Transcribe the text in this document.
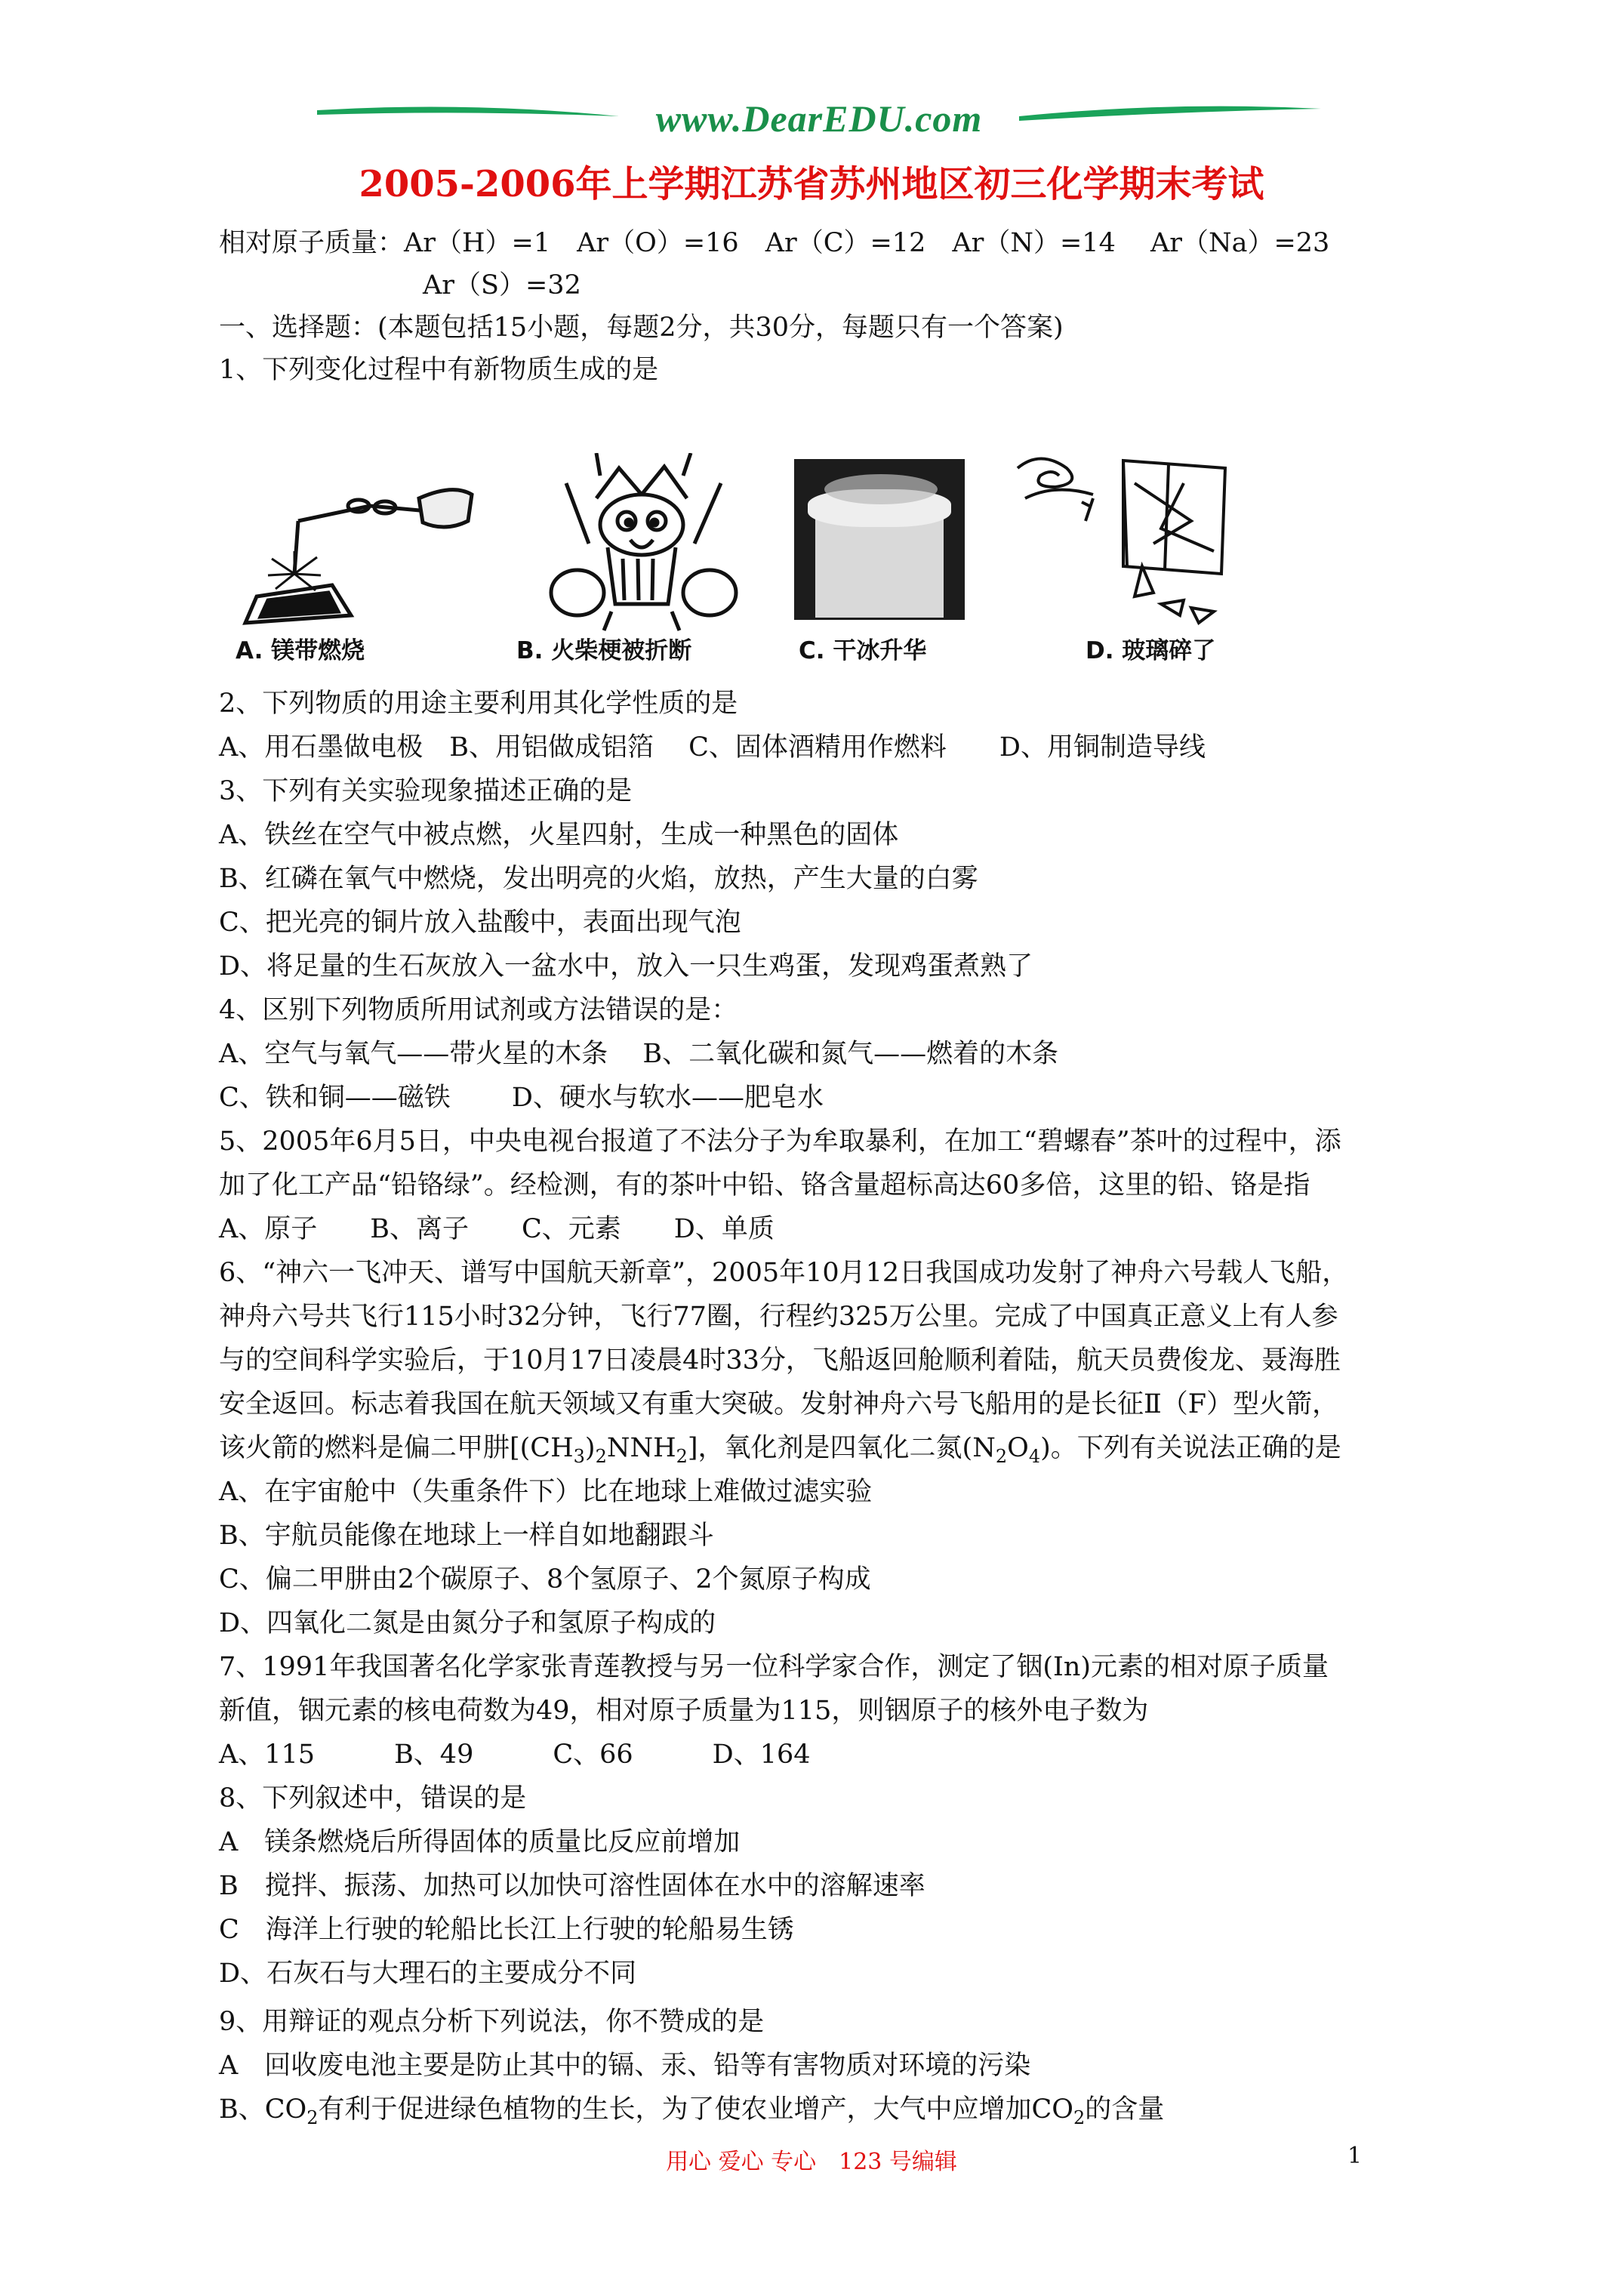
www.DearEDU.com
2005-2006年上学期江苏省苏州地区初三化学期末考试
相对原子质量：Ar（H）=1　Ar（O）=16　Ar（C）=12　Ar（N）=14　 Ar（Na）=23
Ar（S）=32
一、选择题：(本题包括15小题，每题2分，共30分，每题只有一个答案)
1、下列变化过程中有新物质生成的是
A. 镁带燃烧	B. 火柴梗被折断	C. 干冰升华	D. 玻璃碎了
2、下列物质的用途主要利用其化学性质的是
A、用石墨做电极　B、用铝做成铝箔　 C、固体酒精用作燃料　　D、用铜制造导线
3、下列有关实验现象描述正确的是
A、铁丝在空气中被点燃，火星四射，生成一种黑色的固体
B、红磷在氧气中燃烧，发出明亮的火焰，放热，产生大量的白雾
C、把光亮的铜片放入盐酸中，表面出现气泡
D、将足量的生石灰放入一盆水中，放入一只生鸡蛋，发现鸡蛋煮熟了
4、区别下列物质所用试剂或方法错误的是：
A、空气与氧气——带火星的木条　 B、二氧化碳和氮气——燃着的木条
C、铁和铜——磁铁　　 D、硬水与软水——肥皂水
5、2005年6月5日，中央电视台报道了不法分子为牟取暴利，在加工“碧螺春”茶叶的过程中，添
加了化工产品“铅铬绿”。经检测，有的茶叶中铅、铬含量超标高达60多倍，这里的铅、铬是指
A、原子　　B、离子　　C、元素　　D、单质
6、“神六一飞冲天、谱写中国航天新章”，2005年10月12日我国成功发射了神舟六号载人飞船，
神舟六号共飞行115小时32分钟，飞行77圈，行程约325万公里。完成了中国真正意义上有人参
与的空间科学实验后，于10月17日凌晨4时33分，飞船返回舱顺利着陆，航天员费俊龙、聂海胜
安全返回。标志着我国在航天领域又有重大突破。发射神舟六号飞船用的是长征Ⅱ（F）型火箭，
该火箭的燃料是偏二甲肼$[(CH_3)_2NNH_2]$，氧化剂是四氧化二氮$(N_2O_4)$。下列有关说法正确的是
A、在宇宙舱中（失重条件下）比在地球上难做过滤实验
B、宇航员能像在地球上一样自如地翻跟斗
C、偏二甲肼由2个碳原子、8个氢原子、2个氮原子构成
D、四氧化二氮是由氮分子和氢原子构成的
7、1991年我国著名化学家张青莲教授与另一位科学家合作，测定了铟(In)元素的相对原子质量
新值，铟元素的核电荷数为49，相对原子质量为115，则铟原子的核外电子数为
A、115　　　B、49　　　C、66　　　D、164
8、下列叙述中，错误的是
A　镁条燃烧后所得固体的质量比反应前增加
B　搅拌、振荡、加热可以加快可溶性固体在水中的溶解速率
C　海洋上行驶的轮船比长江上行驶的轮船易生锈
D、石灰石与大理石的主要成分不同
9、用辩证的观点分析下列说法，你不赞成的是
A　回收废电池主要是防止其中的镉、汞、铅等有害物质对环境的污染
B、$CO_2$有利于促进绿色植物的生长，为了使农业增产，大气中应增加$CO_2$的含量
用心 爱心 专心　123 号编辑	1
